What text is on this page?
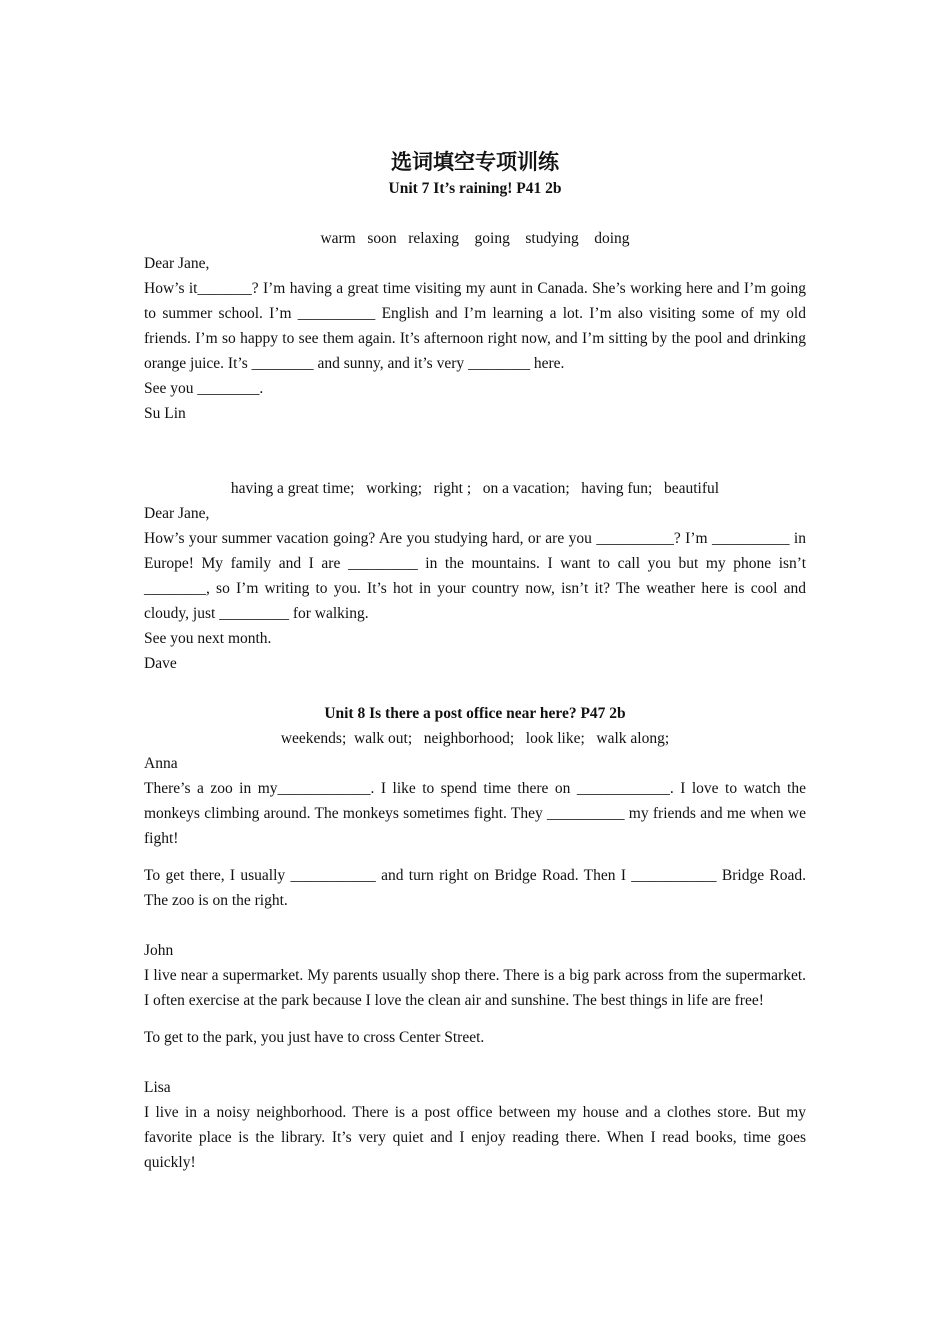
选词填空专项训练

Unit 7 It’s raining! P41 2b

warm   soon   relaxing    going    studying    doing

Dear Jane,

How’s it_______? I’m having a great time visiting my aunt in Canada. She’s working here and I’m going to summer school. I’m __________ English and I’m learning a lot. I’m also visiting some of my old friends. I’m so happy to see them again. It’s afternoon right now, and I’m sitting by the pool and drinking orange juice. It’s ________ and sunny, and it’s very ________ here.

See you ________.

Su Lin

having a great time;   working;   right ;   on a vacation;   having fun;   beautiful

Dear Jane,

How’s your summer vacation going? Are you studying hard, or are you __________? I’m __________ in Europe! My family and I are _________ in the mountains. I want to call you but my phone isn’t ________, so I’m writing to you. It’s hot in your country now, isn’t it? The weather here is cool and cloudy, just _________ for walking.

See you next month.

Dave

Unit 8 Is there a post office near here? P47 2b

weekends;  walk out;   neighborhood;   look like;   walk along;

Anna

There’s a zoo in my____________. I like to spend time there on ____________. I love to watch the monkeys climbing around. The monkeys sometimes fight. They __________ my friends and me when we fight!

To get there, I usually ___________ and turn right on Bridge Road. Then I ___________ Bridge Road. The zoo is on the right.

John

I live near a supermarket. My parents usually shop there. There is a big park across from the supermarket. I often exercise at the park because I love the clean air and sunshine. The best things in life are free!

To get to the park, you just have to cross Center Street.

Lisa

I live in a noisy neighborhood. There is a post office between my house and a clothes store. But my favorite place is the library. It’s very quiet and I enjoy reading there. When I read books, time goes quickly!
